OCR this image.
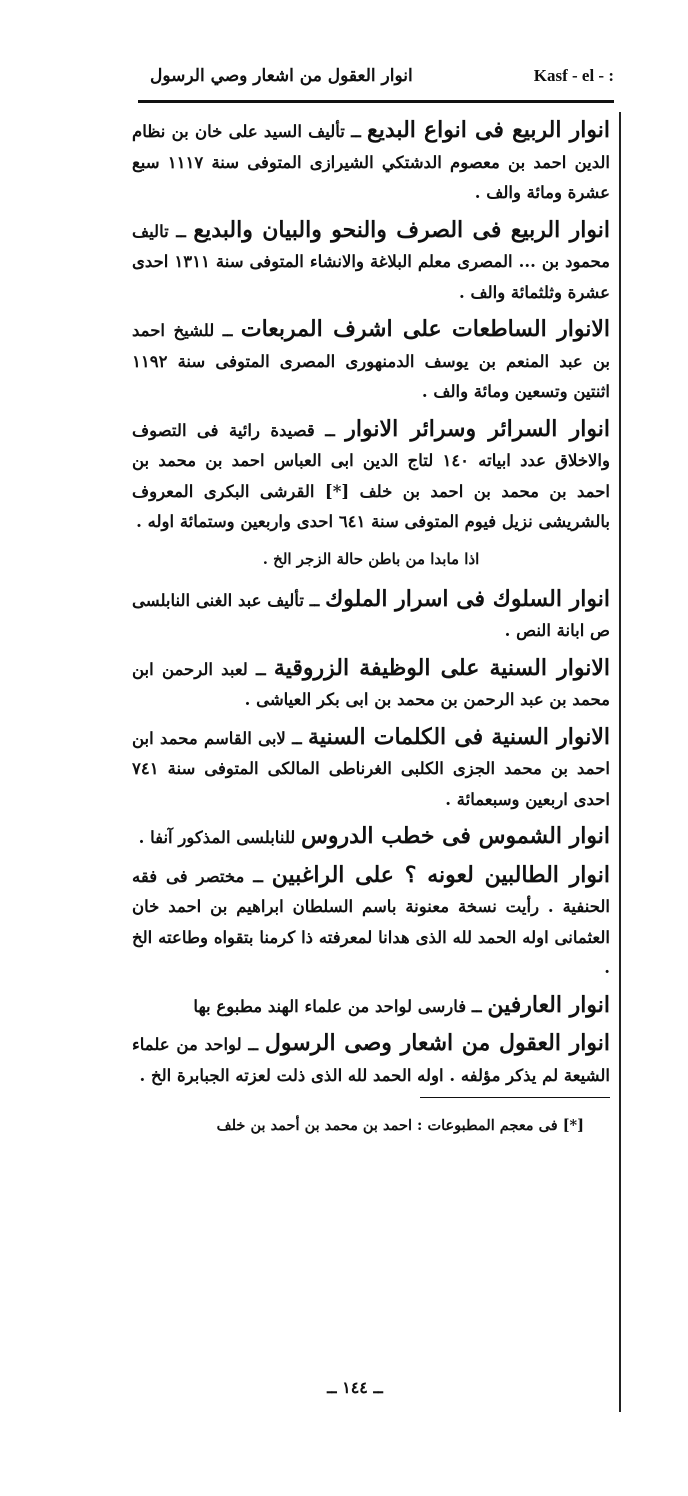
انوار العقول من اشعار وصي الرسول	Kasf - el - :

انوار الربيع فى انواع البديع ــ تأليف السيد على خان بن نظام الدين احمد بن معصوم الدشتكي الشيرازى المتوفى سنة ١١١٧ سبع عشرة ومائة والف .

انوار الربيع فى الصرف والنحو والبيان والبديع ــ تاليف محمود بن ... المصرى معلم البلاغة والانشاء المتوفى سنة ١٣١١ احدى عشرة وثلثمائة والف .

الانوار الساطعات على اشرف المربعات ــ للشيخ احمد بن عبد المنعم بن يوسف الدمنهورى المصرى المتوفى سنة ١١٩٢ اثنتين وتسعين ومائة والف .

انوار السرائر وسرائر الانوار ــ قصيدة رائية فى التصوف والاخلاق عدد ابياته ١٤٠ لتاج الدين ابى العباس احمد بن محمد بن احمد بن محمد بن احمد بن خلف [*] القرشى البكرى المعروف بالشريشى نزيل فيوم المتوفى سنة ٦٤١ احدى واربعين وستمائة اوله .

اذا مابدا من باطن حالة الزجر الخ .

انوار السلوك فى اسرار الملوك ــ تأليف عبد الغنى النابلسى ص ابانة النص .

الانوار السنية على الوظيفة الزروقية ــ لعبد الرحمن ابن محمد بن عبد الرحمن بن محمد بن ابى بكر العياشى .

الانوار السنية فى الكلمات السنية ــ لابى القاسم محمد ابن احمد بن محمد الجزى الكلبى الغرناطى المالكى المتوفى سنة ٧٤١ احدى اربعين وسبعمائة .

انوار الشموس فى خطب الدروس للنابلسى المذكور آنفا .

انوار الطالبين لعونه ؟ على الراغبين ــ مختصر فى فقه الحنفية . رأيت نسخة معنونة باسم السلطان ابراهيم بن احمد خان العثمانى اوله الحمد لله الذى هدانا لمعرفته ذا كرمنا بتقواه وطاعته الخ .

انوار العارفين ــ فارسى لواحد من علماء الهند مطبوع بها

انوار العقول من اشعار وصى الرسول ــ لواحد من علماء الشيعة لم يذكر مؤلفه . اوله الحمد لله الذى ذلت لعزته الجبابرة الخ .

[*] فى معجم المطبوعات : احمد بن محمد بن أحمد بن خلف

ــ ١٤٤ ــ
